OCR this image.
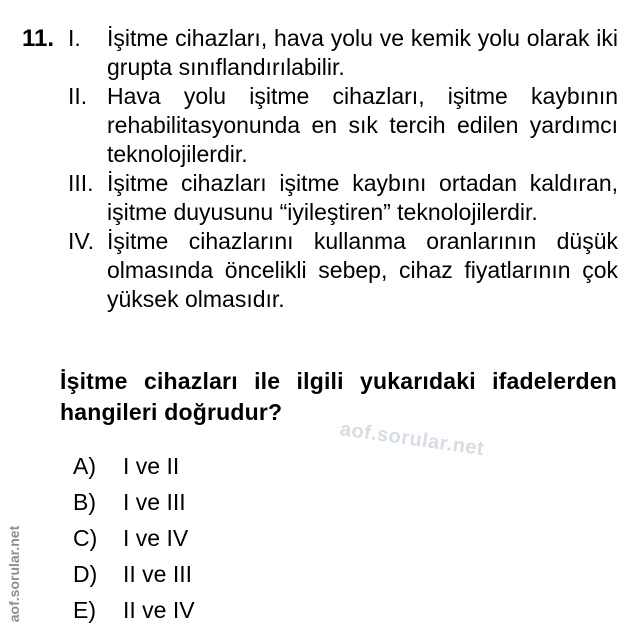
11. I.	İşitme cihazları, hava yolu ve kemik yolu olarak iki grupta sınıflandırılabilir.
II. Hava yolu işitme cihazları, işitme kaybının rehabilitasyonunda en sık tercih edilen yardımcı teknolojilerdir.
III. İşitme cihazları işitme kaybını ortadan kaldıran, işitme duyusunu “iyileştiren” teknolojilerdir.
IV. İşitme cihazlarını kullanma oranlarının düşük olmasında öncelikli sebep, cihaz fiyatlarının çok yüksek olmasıdır.
İşitme cihazları ile ilgili yukarıdaki ifadelerden hangileri doğrudur?
aof.sorular.net
A)	I ve II
B)	I ve III
C)	I ve IV
D)	II ve III
E)	II ve IV
aof.sorular.net
